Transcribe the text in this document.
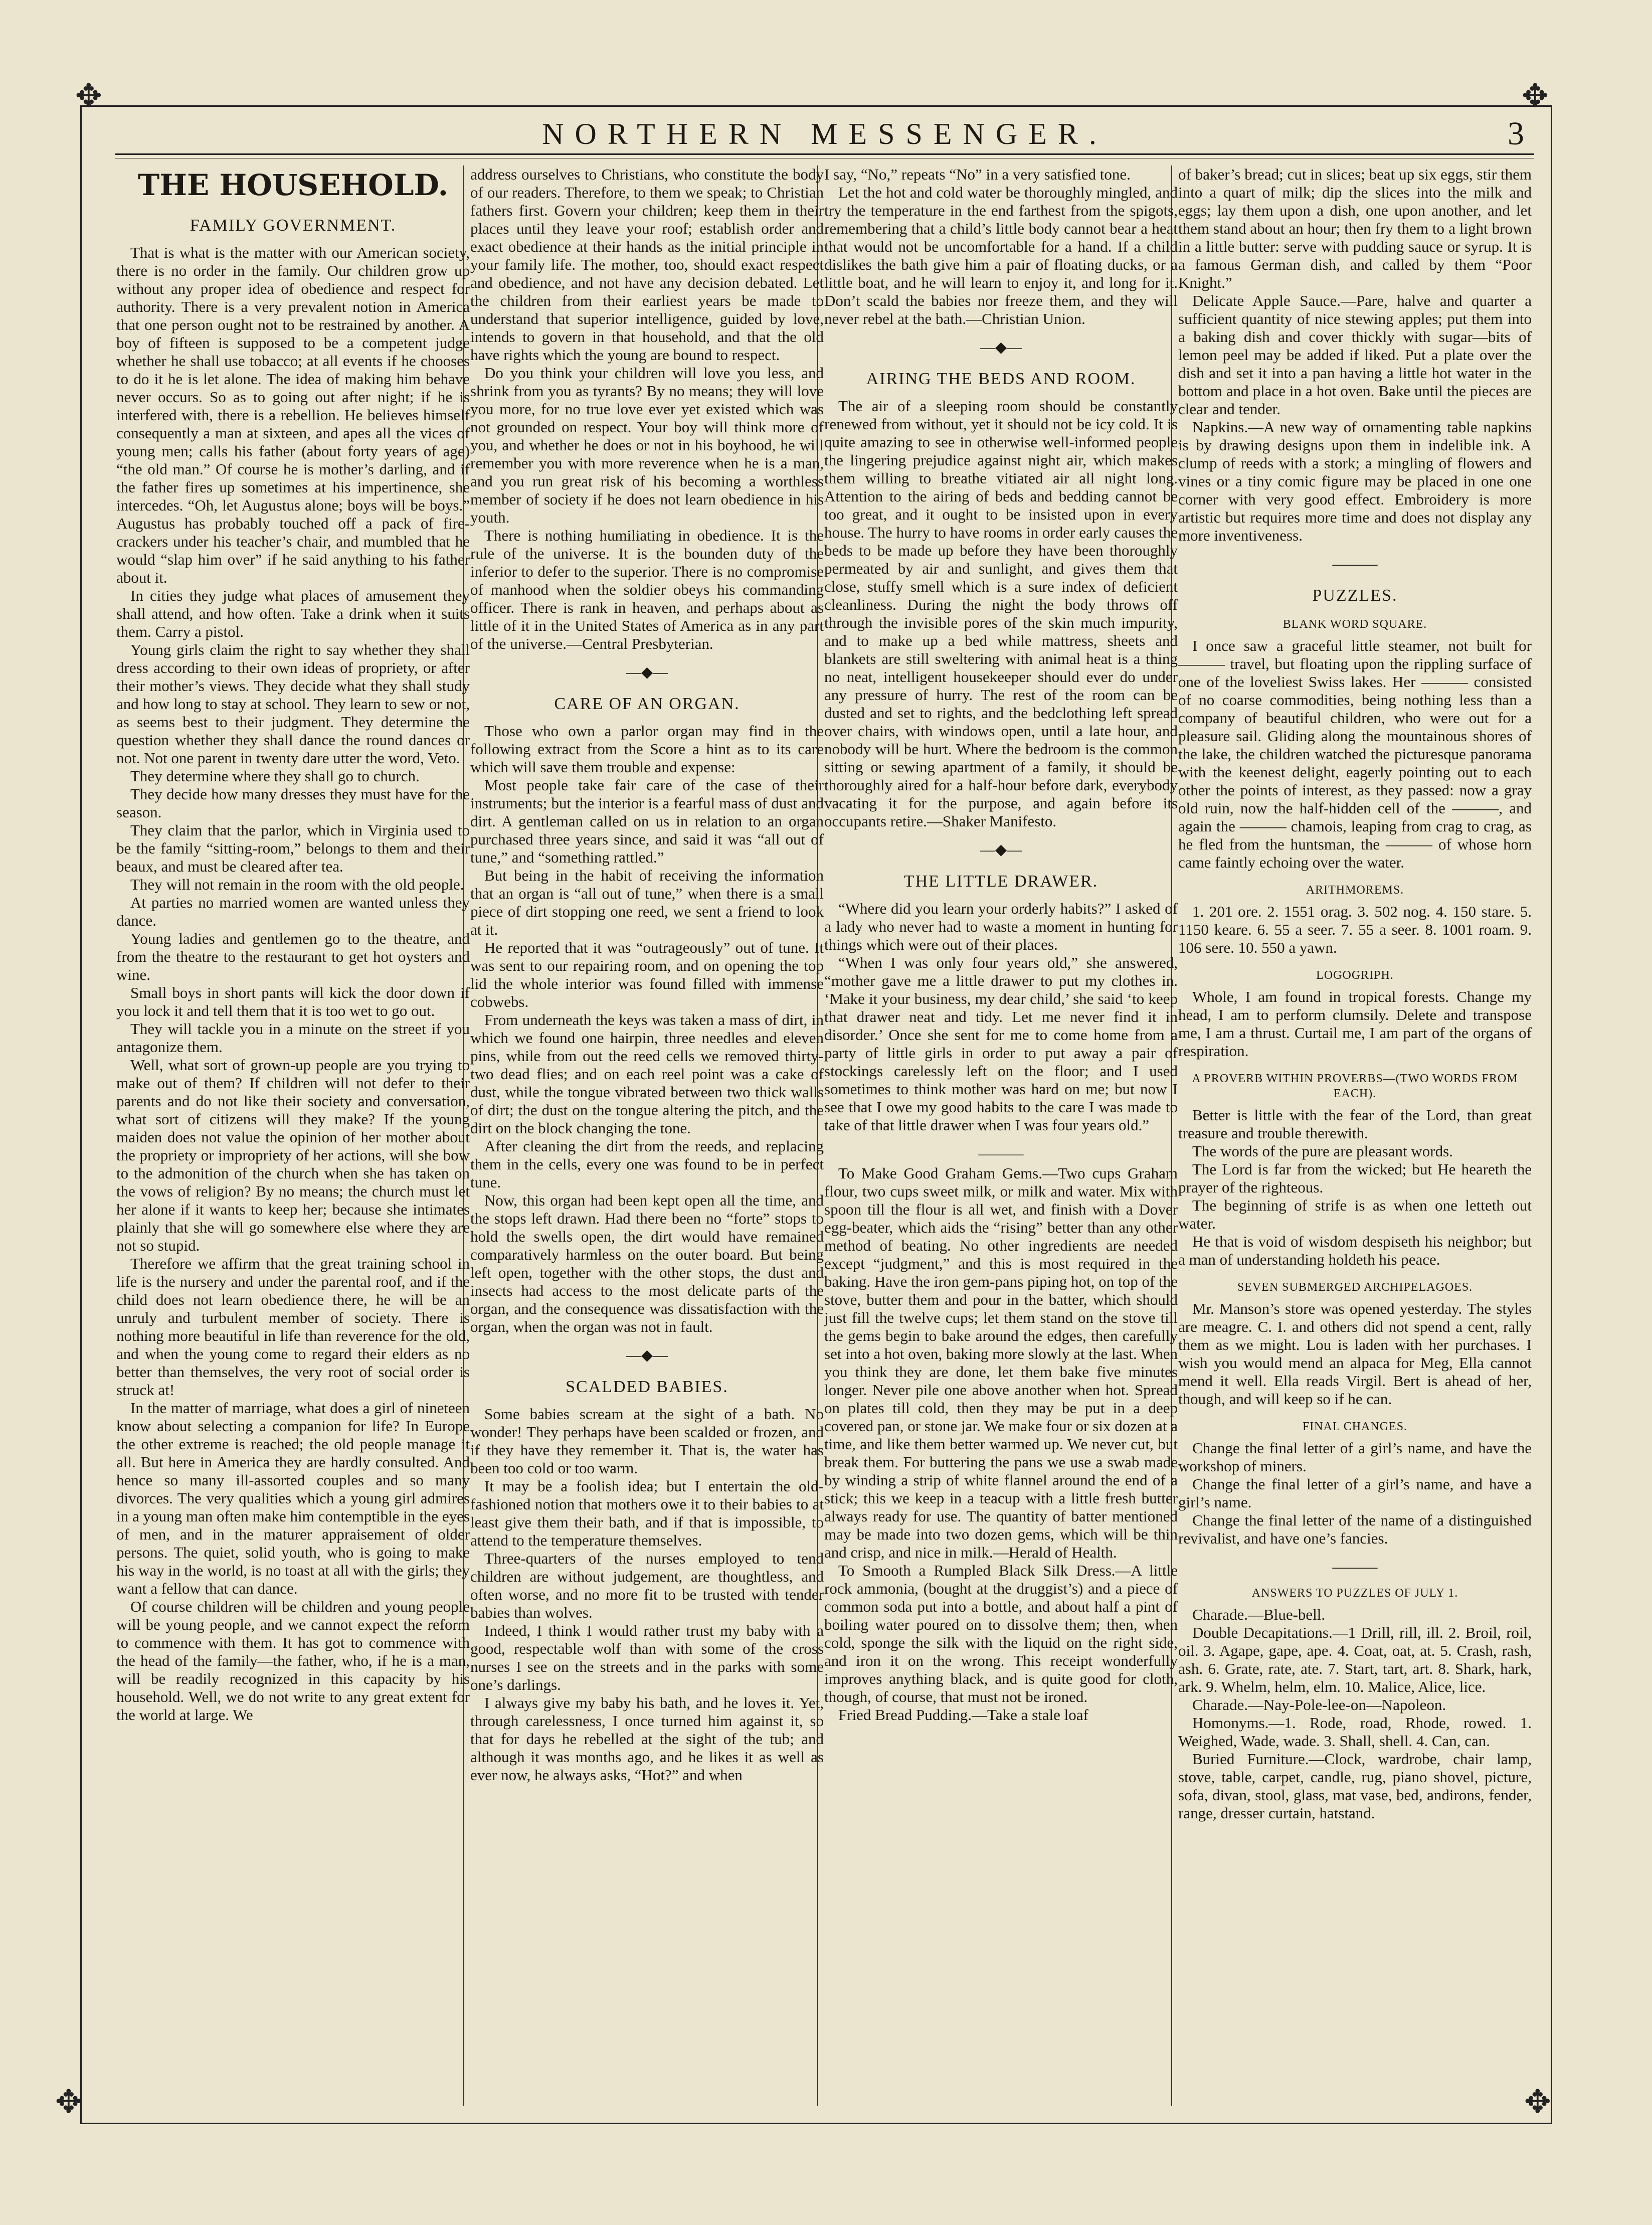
✥	✥
✥	✥
NORTHERN MESSENGER.	3
THE HOUSEHOLD.
FAMILY GOVERNMENT.

That is what is the matter with our American society, there is no order in the family. Our children grow up without any proper idea of obedience and respect for authority. There is a very prevalent notion in America that one person ought not to be restrained by another. A boy of fifteen is supposed to be a competent judge whether he shall use tobacco; at all events if he chooses to do it he is let alone. The idea of making him behave never occurs. So as to going out after night; if he is interfered with, there is a rebellion. He believes himself consequently a man at sixteen, and apes all the vices of young men; calls his father (about forty years of age) “the old man.” Of course he is mother’s darling, and if the father fires up sometimes at his impertinence, she intercedes. “Oh, let Augustus alone; boys will be boys.” Augustus has probably touched off a pack of fire-crackers under his teacher’s chair, and mumbled that he would “slap him over” if he said anything to his father about it.

In cities they judge what places of amusement they shall attend, and how often. Take a drink when it suits them. Carry a pistol.

Young girls claim the right to say whether they shall dress according to their own ideas of propriety, or after their mother’s views. They decide what they shall study and how long to stay at school. They learn to sew or not, as seems best to their judgment. They determine the question whether they shall dance the round dances or not. Not one parent in twenty dare utter the word, Veto.

They determine where they shall go to church.

They decide how many dresses they must have for the season.

They claim that the parlor, which in Virginia used to be the family “sitting-room,” belongs to them and their beaux, and must be cleared after tea.

They will not remain in the room with the old people.

At parties no married women are wanted unless they dance.

Young ladies and gentlemen go to the theatre, and from the theatre to the restaurant to get hot oysters and wine.

Small boys in short pants will kick the door down if you lock it and tell them that it is too wet to go out.

They will tackle you in a minute on the street if you antagonize them.

Well, what sort of grown-up people are you trying to make out of them? If children will not defer to their parents and do not like their society and conversation, what sort of citizens will they make? If the young maiden does not value the opinion of her mother about the propriety or impropriety of her actions, will she bow to the admonition of the church when she has taken on the vows of religion? By no means; the church must let her alone if it wants to keep her; because she intimates plainly that she will go somewhere else where they are not so stupid.

Therefore we affirm that the great training school in life is the nursery and under the parental roof, and if the child does not learn obedience there, he will be an unruly and turbulent member of society. There is nothing more beautiful in life than reverence for the old, and when the young come to regard their elders as no better than themselves, the very root of social order is struck at!

In the matter of marriage, what does a girl of nineteen know about selecting a companion for life? In Europe the other extreme is reached; the old people manage it all. But here in America they are hardly consulted. And hence so many ill-assorted couples and so many divorces. The very qualities which a young girl admires in a young man often make him contemptible in the eyes of men, and in the maturer appraisement of older persons. The quiet, solid youth, who is going to make his way in the world, is no toast at all with the girls; they want a fellow that can dance.

Of course children will be children and young people will be young people, and we cannot expect the reform to commence with them. It has got to commence with the head of the family—the father, who, if he is a man, will be readily recognized in this capacity by his household. Well, we do not write to any great extent for the world at large. We

address ourselves to Christians, who constitute the body of our readers. Therefore, to them we speak; to Christian fathers first. Govern your children; keep them in their places until they leave your roof; establish order and exact obedience at their hands as the initial principle in your family life. The mother, too, should exact respect and obedience, and not have any decision debated. Let the children from their earliest years be made to understand that superior intelligence, guided by love, intends to govern in that household, and that the old have rights which the young are bound to respect.

Do you think your children will love you less, and shrink from you as tyrants? By no means; they will love you more, for no true love ever yet existed which was not grounded on respect. Your boy will think more of you, and whether he does or not in his boyhood, he will remember you with more reverence when he is a man, and you run great risk of his becoming a worthless member of society if he does not learn obedience in his youth.

There is nothing humiliating in obedience. It is the rule of the universe. It is the bounden duty of the inferior to defer to the superior. There is no compromise of manhood when the soldier obeys his commanding officer. There is rank in heaven, and perhaps about as little of it in the United States of America as in any part of the universe.—Central Presbyterian.

—◆—
CARE OF AN ORGAN.

Those who own a parlor organ may find in the following extract from the Score a hint as to its care which will save them trouble and expense:

Most people take fair care of the case of their instruments; but the interior is a fearful mass of dust and dirt. A gentleman called on us in relation to an organ purchased three years since, and said it was “all out of tune,” and “something rattled.”

But being in the habit of receiving the information that an organ is “all out of tune,” when there is a small piece of dirt stopping one reed, we sent a friend to look at it.

He reported that it was “outrageously” out of tune. It was sent to our repairing room, and on opening the top lid the whole interior was found filled with immense cobwebs.

From underneath the keys was taken a mass of dirt, in which we found one hairpin, three needles and eleven pins, while from out the reed cells we removed thirty-two dead flies; and on each reel point was a cake of dust, while the tongue vibrated between two thick walls of dirt; the dust on the tongue altering the pitch, and the dirt on the block changing the tone.

After cleaning the dirt from the reeds, and replacing them in the cells, every one was found to be in perfect tune.

Now, this organ had been kept open all the time, and the stops left drawn. Had there been no “forte” stops to hold the swells open, the dirt would have remained comparatively harmless on the outer board. But being left open, together with the other stops, the dust and insects had access to the most delicate parts of the organ, and the consequence was dissatisfaction with the organ, when the organ was not in fault.

—◆—
SCALDED BABIES.

Some babies scream at the sight of a bath. No wonder! They perhaps have been scalded or frozen, and if they have they remember it. That is, the water has been too cold or too warm.

It may be a foolish idea; but I entertain the old-fashioned notion that mothers owe it to their babies to at least give them their bath, and if that is impossible, to attend to the temperature themselves.

Three-quarters of the nurses employed to tend children are without judgement, are thoughtless, and often worse, and no more fit to be trusted with tender babies than wolves.

Indeed, I think I would rather trust my baby with a good, respectable wolf than with some of the cross nurses I see on the streets and in the parks with some one’s darlings.

I always give my baby his bath, and he loves it. Yet, through carelessness, I once turned him against it, so that for days he rebelled at the sight of the tub; and although it was months ago, and he likes it as well as ever now, he always asks, “Hot?” and when

I say, “No,” repeats “No” in a very satisfied tone.

Let the hot and cold water be thoroughly mingled, and try the temperature in the end farthest from the spigots, remembering that a child’s little body cannot bear a heat that would not be uncomfortable for a hand. If a child dislikes the bath give him a pair of floating ducks, or a little boat, and he will learn to enjoy it, and long for it. Don’t scald the babies nor freeze them, and they will never rebel at the bath.—Christian Union.

—◆—
AIRING THE BEDS AND ROOM.

The air of a sleeping room should be constantly renewed from without, yet it should not be icy cold. It is quite amazing to see in otherwise well-informed people the lingering prejudice against night air, which makes them willing to breathe vitiated air all night long. Attention to the airing of beds and bedding cannot be too great, and it ought to be insisted upon in every house. The hurry to have rooms in order early causes the beds to be made up before they have been thoroughly permeated by air and sunlight, and gives them that close, stuffy smell which is a sure index of deficient cleanliness. During the night the body throws off through the invisible pores of the skin much impurity, and to make up a bed while mattress, sheets and blankets are still sweltering with animal heat is a thing no neat, intelligent housekeeper should ever do under any pressure of hurry. The rest of the room can be dusted and set to rights, and the bedclothing left spread over chairs, with windows open, until a late hour, and nobody will be hurt. Where the bedroom is the common sitting or sewing apartment of a family, it should be thoroughly aired for a half-hour before dark, everybody vacating it for the purpose, and again before its occupants retire.—Shaker Manifesto.

—◆—
THE LITTLE DRAWER.

“Where did you learn your orderly habits?” I asked of a lady who never had to waste a moment in hunting for things which were out of their places.

“When I was only four years old,” she answered, “mother gave me a little drawer to put my clothes in. ‘Make it your business, my dear child,’ she said ‘to keep that drawer neat and tidy. Let me never find it in disorder.’ Once she sent for me to come home from a party of little girls in order to put away a pair of stockings carelessly left on the floor; and I used sometimes to think mother was hard on me; but now I see that I owe my good habits to the care I was made to take of that little drawer when I was four years old.”

———

To Make Good Graham Gems.—Two cups Graham flour, two cups sweet milk, or milk and water. Mix with spoon till the flour is all wet, and finish with a Dover egg-beater, which aids the “rising” better than any other method of beating. No other ingredients are needed except “judgment,” and this is most required in the baking. Have the iron gem-pans piping hot, on top of the stove, butter them and pour in the batter, which should just fill the twelve cups; let them stand on the stove till the gems begin to bake around the edges, then carefully set into a hot oven, baking more slowly at the last. When you think they are done, let them bake five minutes longer. Never pile one above another when hot. Spread on plates till cold, then they may be put in a deep covered pan, or stone jar. We make four or six dozen at a time, and like them better warmed up. We never cut, but break them. For buttering the pans we use a swab made by winding a strip of white flannel around the end of a stick; this we keep in a teacup with a little fresh butter always ready for use. The quantity of batter mentioned may be made into two dozen gems, which will be thin and crisp, and nice in milk.—Herald of Health.

To Smooth a Rumpled Black Silk Dress.—A little rock ammonia, (bought at the druggist’s) and a piece of common soda put into a bottle, and about half a pint of boiling water poured on to dissolve them; then, when cold, sponge the silk with the liquid on the right side, and iron it on the wrong. This receipt wonderfully improves anything black, and is quite good for cloth, though, of course, that must not be ironed.

Fried Bread Pudding.—Take a stale loaf

of baker’s bread; cut in slices; beat up six eggs, stir them into a quart of milk; dip the slices into the milk and eggs; lay them upon a dish, one upon another, and let them stand about an hour; then fry them to a light brown in a little butter: serve with pudding sauce or syrup. It is a famous German dish, and called by them “Poor Knight.”

Delicate Apple Sauce.—Pare, halve and quarter a sufficient quantity of nice stewing apples; put them into a baking dish and cover thickly with sugar—bits of lemon peel may be added if liked. Put a plate over the dish and set it into a pan having a little hot water in the bottom and place in a hot oven. Bake until the pieces are clear and tender.

Napkins.—A new way of ornamenting table napkins is by drawing designs upon them in indelible ink. A clump of reeds with a stork; a mingling of flowers and vines or a tiny comic figure may be placed in one one corner with very good effect. Embroidery is more artistic but requires more time and does not display any more inventiveness.

———
PUZZLES.
BLANK WORD SQUARE.

I once saw a graceful little steamer, not built for ——— travel, but floating upon the rippling surface of one of the loveliest Swiss lakes. Her ——— consisted of no coarse commodities, being nothing less than a company of beautiful children, who were out for a pleasure sail. Gliding along the mountainous shores of the lake, the children watched the picturesque panorama with the keenest delight, eagerly pointing out to each other the points of interest, as they passed: now a gray old ruin, now the half-hidden cell of the ———, and again the ——— chamois, leaping from crag to crag, as he fled from the huntsman, the ——— of whose horn came faintly echoing over the water.

ARITHMOREMS.

1. 201 ore. 2. 1551 orag. 3. 502 nog. 4. 150 stare. 5. 1150 keare. 6. 55 a seer. 7. 55 a seer. 8. 1001 roam. 9. 106 sere. 10. 550 a yawn.

LOGOGRIPH.

Whole, I am found in tropical forests. Change my head, I am to perform clumsily. Delete and transpose me, I am a thrust. Curtail me, I am part of the organs of respiration.

A PROVERB WITHIN PROVERBS—(TWO WORDS FROM EACH).

Better is little with the fear of the Lord, than great treasure and trouble therewith.

The words of the pure are pleasant words.

The Lord is far from the wicked; but He heareth the prayer of the righteous.

The beginning of strife is as when one letteth out water.

He that is void of wisdom despiseth his neighbor; but a man of understanding holdeth his peace.

SEVEN SUBMERGED ARCHIPELAGOES.

Mr. Manson’s store was opened yesterday. The styles are meagre. C. I. and others did not spend a cent, rally them as we might. Lou is laden with her purchases. I wish you would mend an alpaca for Meg, Ella cannot mend it well. Ella reads Virgil. Bert is ahead of her, though, and will keep so if he can.

FINAL CHANGES.

Change the final letter of a girl’s name, and have the workshop of miners.

Change the final letter of a girl’s name, and have a girl’s name.

Change the final letter of the name of a distinguished revivalist, and have one’s fancies.

———
ANSWERS TO PUZZLES OF JULY 1.

Charade.—Blue-bell.

Double Decapitations.—1 Drill, rill, ill. 2. Broil, roil, oil. 3. Agape, gape, ape. 4. Coat, oat, at. 5. Crash, rash, ash. 6. Grate, rate, ate. 7. Start, tart, art. 8. Shark, hark, ark. 9. Whelm, helm, elm. 10. Malice, Alice, lice.

Charade.—Nay-Pole-lee-on—Napoleon.

Homonyms.—1. Rode, road, Rhode, rowed. 1. Weighed, Wade, wade. 3. Shall, shell. 4. Can, can.

Buried Furniture.—Clock, wardrobe, chair lamp, stove, table, carpet, candle, rug, piano shovel, picture, sofa, divan, stool, glass, mat vase, bed, andirons, fender, range, dresser curtain, hatstand.
